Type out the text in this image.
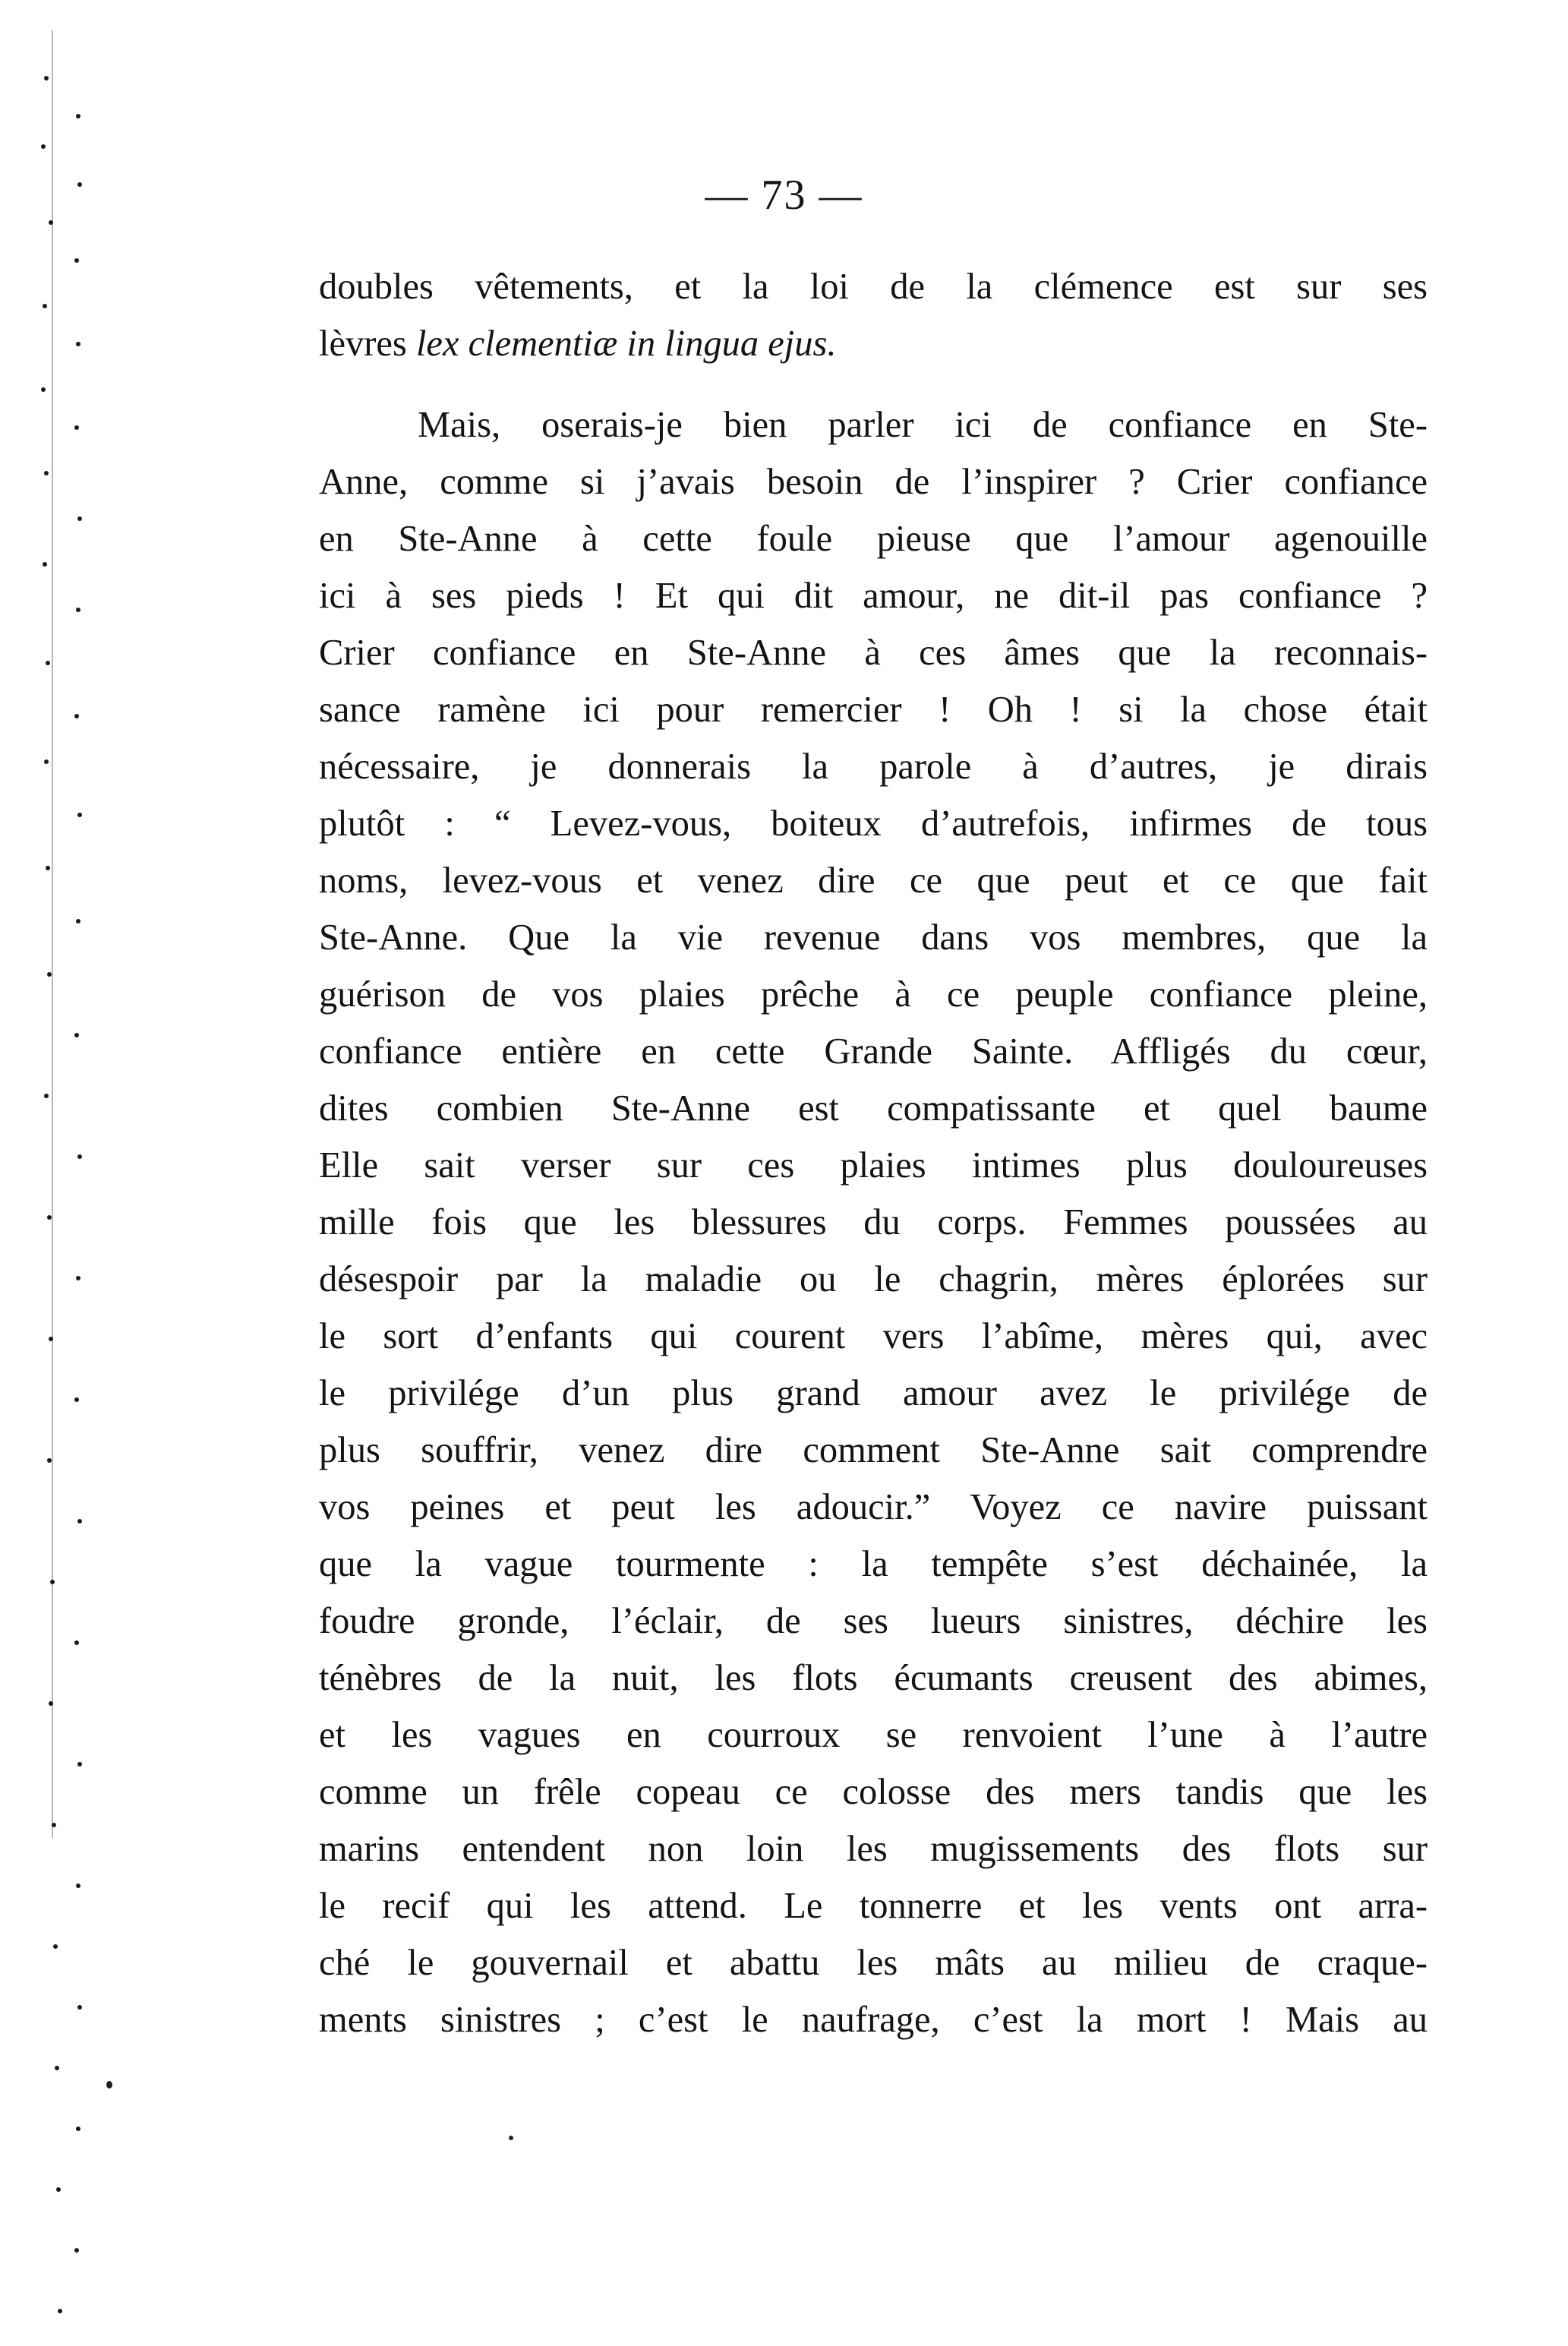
— 73 —
doubles vêtements, et la loi de la clémence est sur ses
lèvres lex clementiæ in lingua ejus.
Mais, oserais-je bien parler ici de confiance en Ste-
Anne, comme si j’avais besoin de l’inspirer ? Crier confiance
en Ste-Anne à cette foule pieuse que l’amour agenouille
ici à ses pieds ! Et qui dit amour, ne dit-il pas confiance ?
Crier confiance en Ste-Anne à ces âmes que la reconnais-
sance ramène ici pour remercier ! Oh ! si la chose était
nécessaire, je donnerais la parole à d’autres, je dirais
plutôt : “ Levez-vous, boiteux d’autrefois, infirmes de tous
noms, levez-vous et venez dire ce que peut et ce que fait
Ste-Anne. Que la vie revenue dans vos membres, que la
guérison de vos plaies prêche à ce peuple confiance pleine,
confiance entière en cette Grande Sainte. Affligés du cœur,
dites combien Ste-Anne est compatissante et quel baume
Elle sait verser sur ces plaies intimes plus douloureuses
mille fois que les blessures du corps. Femmes poussées au
désespoir par la maladie ou le chagrin, mères éplorées sur
le sort d’enfants qui courent vers l’abîme, mères qui, avec
le privilége d’un plus grand amour avez le privilége de
plus souffrir, venez dire comment Ste-Anne sait comprendre
vos peines et peut les adoucir.” Voyez ce navire puissant
que la vague tourmente : la tempête s’est déchainée, la
foudre gronde, l’éclair, de ses lueurs sinistres, déchire les
ténèbres de la nuit, les flots écumants creusent des abimes,
et les vagues en courroux se renvoient l’une à l’autre
comme un frêle copeau ce colosse des mers tandis que les
marins entendent non loin les mugissements des flots sur
le recif qui les attend. Le tonnerre et les vents ont arra-
ché le gouvernail et abattu les mâts au milieu de craque-
ments sinistres ; c’est le naufrage, c’est la mort ! Mais au
